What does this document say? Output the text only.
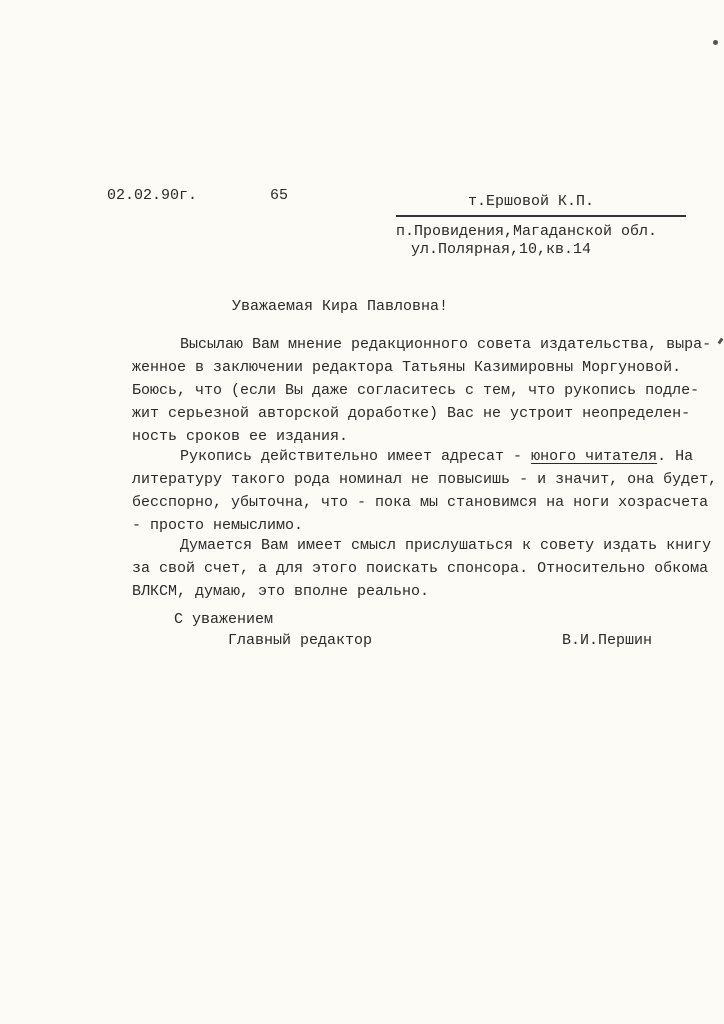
02.02.90г.	65	т.Ершовой К.П.
п.Провидения,Магаданской обл.
ул.Полярная,10,кв.14
Уважаемая Кира Павловна!
Высылаю Вам мнение редакционного совета издательства, выра-
женное в заключении редактора Татьяны Казимировны Моргуновой.
Боюсь, что (если Вы даже согласитесь с тем, что рукопись подле-
жит серьезной авторской доработке) Вас не устроит неопределен-
ность сроков ее издания.
Рукопись действительно имеет адресат - юного читателя. На
литературу такого рода номинал не повысишь - и значит, она будет,
бесспорно, убыточна, что - пока мы становимся на ноги хозрасчета
- просто немыслимо.
Думается Вам имеет смысл прислушаться к совету издать книгу
за свой счет, а для этого поискать спонсора. Относительно обкома
ВЛКСМ, думаю, это вполне реально.
С уважением
Главный редактор	В.И.Першин
